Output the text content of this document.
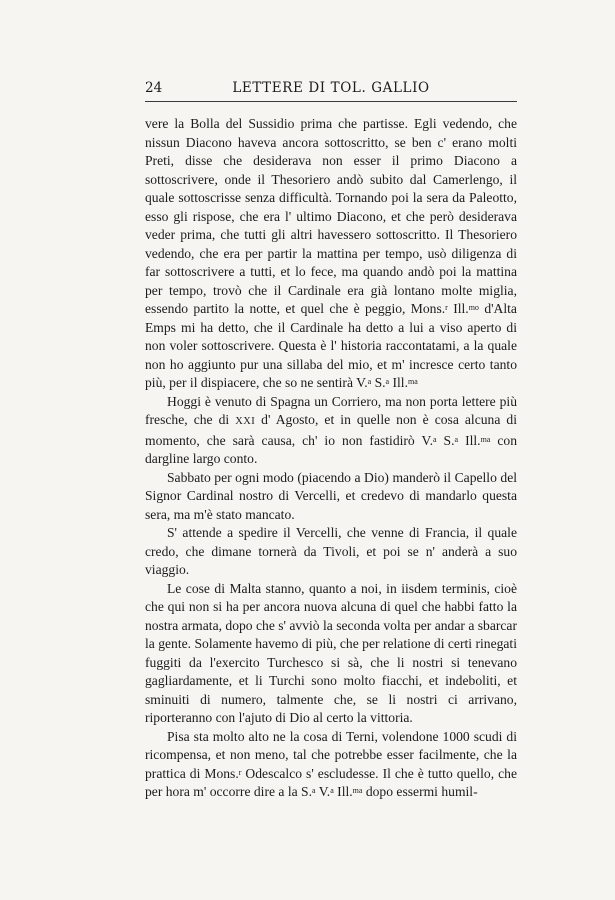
24	LETTERE DI TOL. GALLIO

vere la Bolla del Sussidio prima che partisse. Egli vedendo, che nissun Diacono haveva ancora sottoscritto, se ben c' erano molti Preti, disse che desiderava non esser il primo Diacono a sottoscrivere, onde il Thesoriero andò subito dal Camerlengo, il quale sottoscrisse senza difficultà. Tornando poi la sera da Paleotto, esso gli rispose, che era l' ultimo Diacono, et che però desiderava veder prima, che tutti gli altri havessero sottoscritto. Il Thesoriero vedendo, che era per partir la mattina per tempo, usò diligenza di far sottoscrivere a tutti, et lo fece, ma quando andò poi la mattina per tempo, trovò che il Cardinale era già lontano molte miglia, essendo partito la notte, et quel che è peggio, Mons.$^r$ Ill.$^{mo}$ d'Alta Emps mi ha detto, che il Cardinale ha detto a lui a viso aperto di non voler sottoscrivere. Questa è l' historia raccontatami, a la quale non ho aggiunto pur una sillaba del mio, et m' incresce certo tanto più, per il dispiacere, che so ne sentirà V.$^a$ S.$^a$ Ill.$^{ma}$

Hoggi è venuto di Spagna un Corriero, ma non porta lettere più fresche, che di XXI d' Agosto, et in quelle non è cosa alcuna di momento, che sarà causa, ch' io non fastidirò V.$^a$ S.$^a$ Ill.$^{ma}$ con dargline largo conto.

Sabbato per ogni modo (piacendo a Dio) manderò il Capello del Signor Cardinal nostro di Vercelli, et credevo di mandarlo questa sera, ma m'è stato mancato.

S' attende a spedire il Vercelli, che venne di Francia, il quale credo, che dimane tornerà da Tivoli, et poi se n' anderà a suo viaggio.

Le cose di Malta stanno, quanto a noi, in iisdem terminis, cioè che qui non si ha per ancora nuova alcuna di quel che habbi fatto la nostra armata, dopo che s' avviò la seconda volta per andar a sbarcar la gente. Solamente havemo di più, che per relatione di certi rinegati fuggiti da l'exercito Turchesco si sà, che li nostri si tenevano gagliardamente, et li Turchi sono molto fiacchi, et indeboliti, et sminuiti di numero, talmente che, se li nostri ci arrivano, riporteranno con l'ajuto di Dio al certo la vittoria.

Pisa sta molto alto ne la cosa di Terni, volendone 1000 scudi di ricompensa, et non meno, tal che potrebbe esser facilmente, che la prattica di Mons.$^r$ Odescalco s' escludesse. Il che è tutto quello, che per hora m' occorre dire a la S.$^a$ V.$^a$ Ill.$^{ma}$ dopo essermi humil-
